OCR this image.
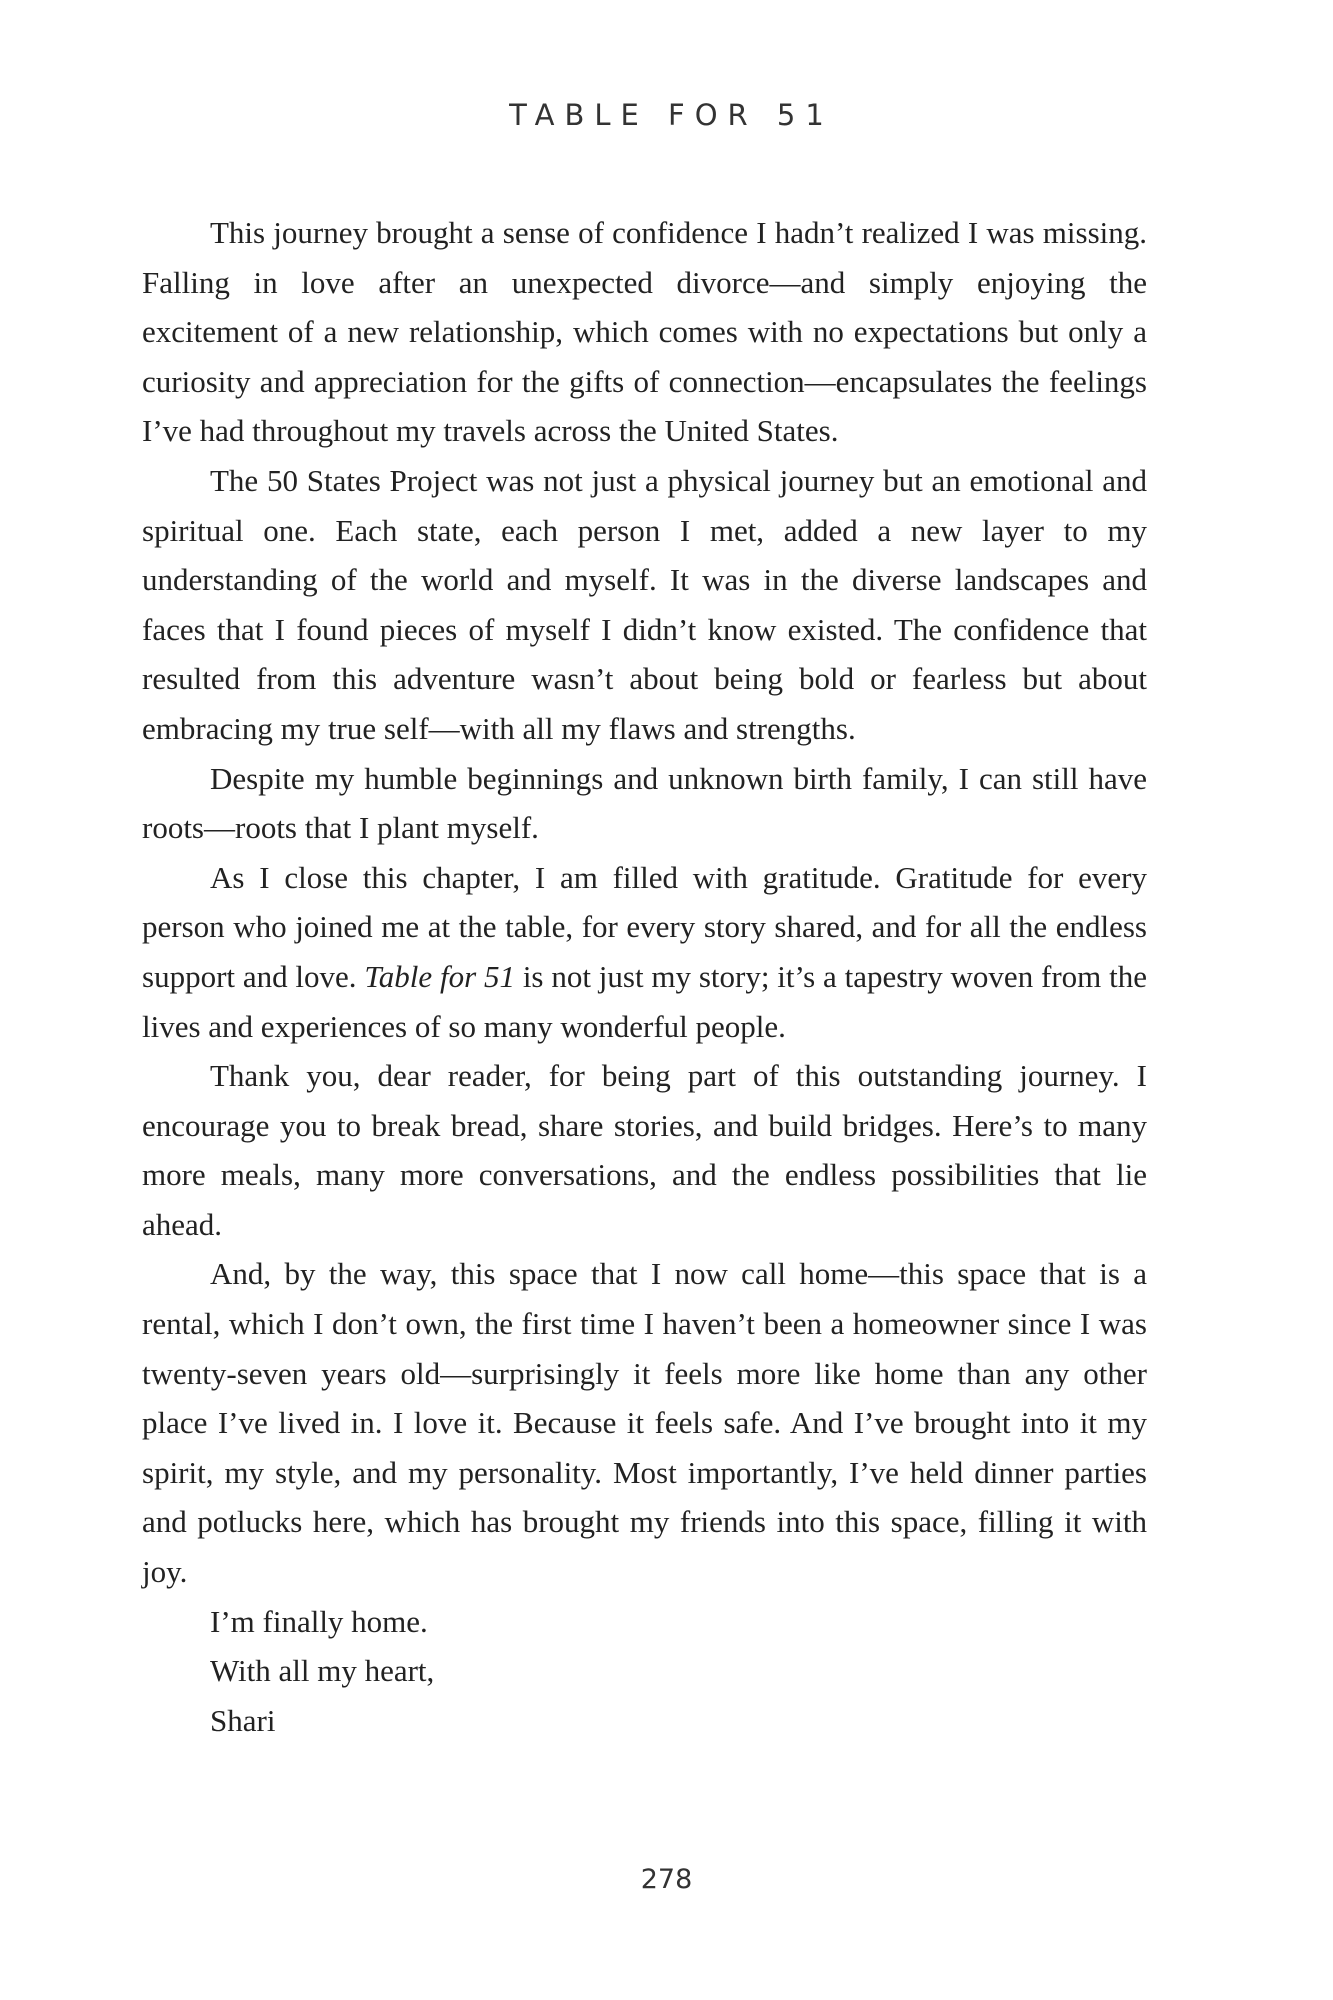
TABLE FOR 51

This journey brought a sense of confidence I hadn’t realized I was missing. Falling in love after an unexpected divorce—and simply enjoying the excitement of a new relationship, which comes with no expectations but only a curiosity and appreciation for the gifts of connection—encapsulates the feelings I’ve had throughout my travels across the United States.

The 50 States Project was not just a physical journey but an emotional and spiritual one. Each state, each person I met, added a new layer to my understanding of the world and myself. It was in the diverse landscapes and faces that I found pieces of myself I didn’t know existed. The confidence that resulted from this adventure wasn’t about being bold or fearless but about embracing my true self—with all my flaws and strengths.

Despite my humble beginnings and unknown birth family, I can still have roots—roots that I plant myself.

As I close this chapter, I am filled with gratitude. Gratitude for every person who joined me at the table, for every story shared, and for all the endless support and love. Table for 51 is not just my story; it’s a tapestry woven from the lives and experiences of so many wonderful people.

Thank you, dear reader, for being part of this outstanding journey. I encourage you to break bread, share stories, and build bridges. Here’s to many more meals, many more conversations, and the endless possibilities that lie ahead.

And, by the way, this space that I now call home—this space that is a rental, which I don’t own, the first time I haven’t been a homeowner since I was twenty-seven years old—surprisingly it feels more like home than any other place I’ve lived in. I love it. Because it feels safe. And I’ve brought into it my spirit, my style, and my personality. Most importantly, I’ve held dinner parties and potlucks here, which has brought my friends into this space, filling it with joy.

I’m finally home.

With all my heart,

Shari
278
